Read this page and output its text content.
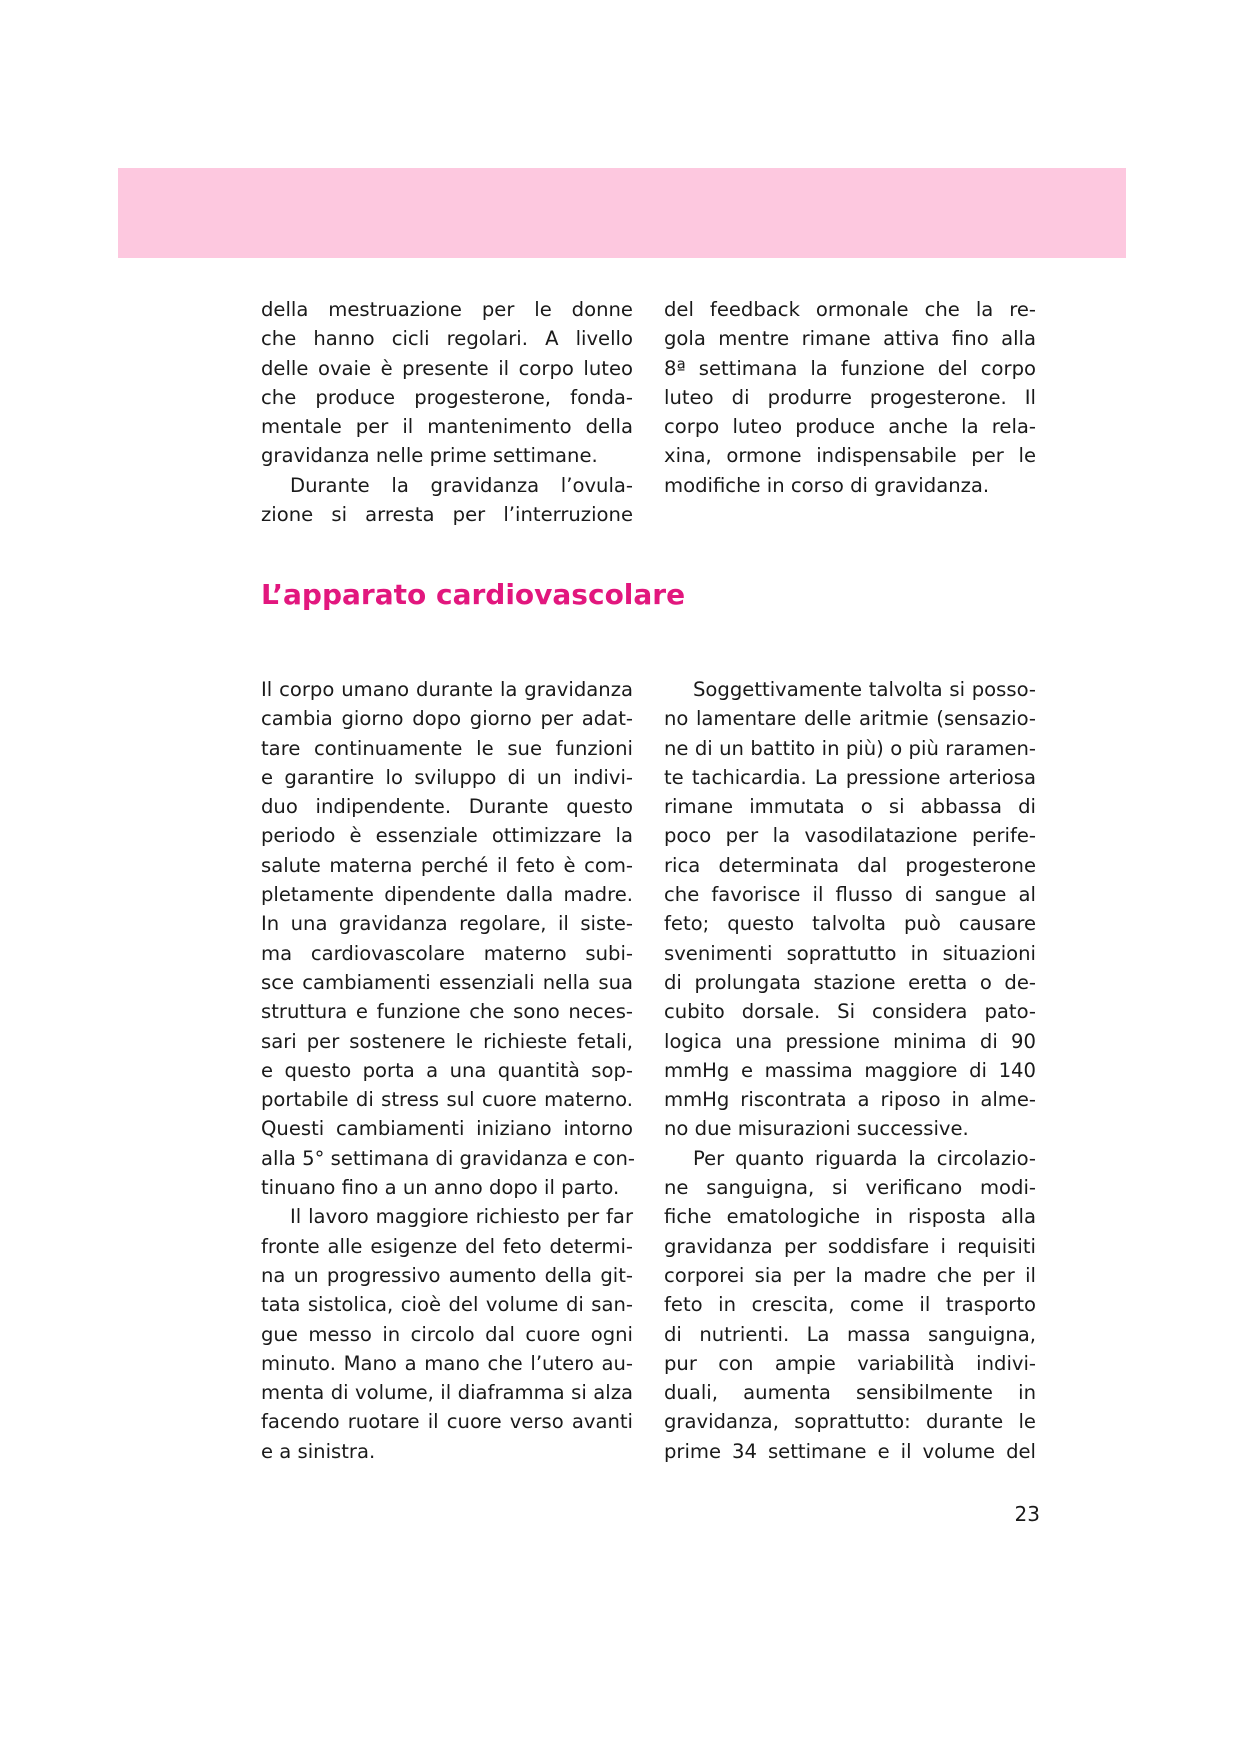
della mestruazione per le donne
che hanno cicli regolari. A livello
delle ovaie è presente il corpo luteo
che produce progesterone, fonda-
mentale per il mantenimento della
gravidanza nelle prime settimane.
Durante la gravidanza l’ovula-
zione si arresta per l’interruzione
del feedback ormonale che la re-
gola mentre rimane attiva fino alla
8ª settimana la funzione del corpo
luteo di produrre progesterone. Il
corpo luteo produce anche la rela-
xina, ormone indispensabile per le
modifiche in corso di gravidanza.
L’apparato cardiovascolare
Il corpo umano durante la gravidanza
cambia giorno dopo giorno per adat-
tare continuamente le sue funzioni
e garantire lo sviluppo di un indivi-
duo indipendente. Durante questo
periodo è essenziale ottimizzare la
salute materna perché il feto è com-
pletamente dipendente dalla madre.
In una gravidanza regolare, il siste-
ma cardiovascolare materno subi-
sce cambiamenti essenziali nella sua
struttura e funzione che sono neces-
sari per sostenere le richieste fetali,
e questo porta a una quantità sop-
portabile di stress sul cuore materno.
Questi cambiamenti iniziano intorno
alla 5° settimana di gravidanza e con-
tinuano fino a un anno dopo il parto.
Il lavoro maggiore richiesto per far
fronte alle esigenze del feto determi-
na un progressivo aumento della git-
tata sistolica, cioè del volume di san-
gue messo in circolo dal cuore ogni
minuto. Mano a mano che l’utero au-
menta di volume, il diaframma si alza
facendo ruotare il cuore verso avanti
e a sinistra.
Soggettivamente talvolta si posso-
no lamentare delle aritmie (sensazio-
ne di un battito in più) o più raramen-
te tachicardia. La pressione arteriosa
rimane immutata o si abbassa di
poco per la vasodilatazione perife-
rica determinata dal progesterone
che favorisce il flusso di sangue al
feto; questo talvolta può causare
svenimenti soprattutto in situazioni
di prolungata stazione eretta o de-
cubito dorsale. Si considera pato-
logica una pressione minima di 90
mmHg e massima maggiore di 140
mmHg riscontrata a riposo in alme-
no due misurazioni successive.
Per quanto riguarda la circolazio-
ne sanguigna, si verificano modi-
fiche ematologiche in risposta alla
gravidanza per soddisfare i requisiti
corporei sia per la madre che per il
feto in crescita, come il trasporto
di nutrienti. La massa sanguigna,
pur con ampie variabilità indivi-
duali, aumenta sensibilmente in
gravidanza, soprattutto: durante le
prime 34 settimane e il volume del
23
